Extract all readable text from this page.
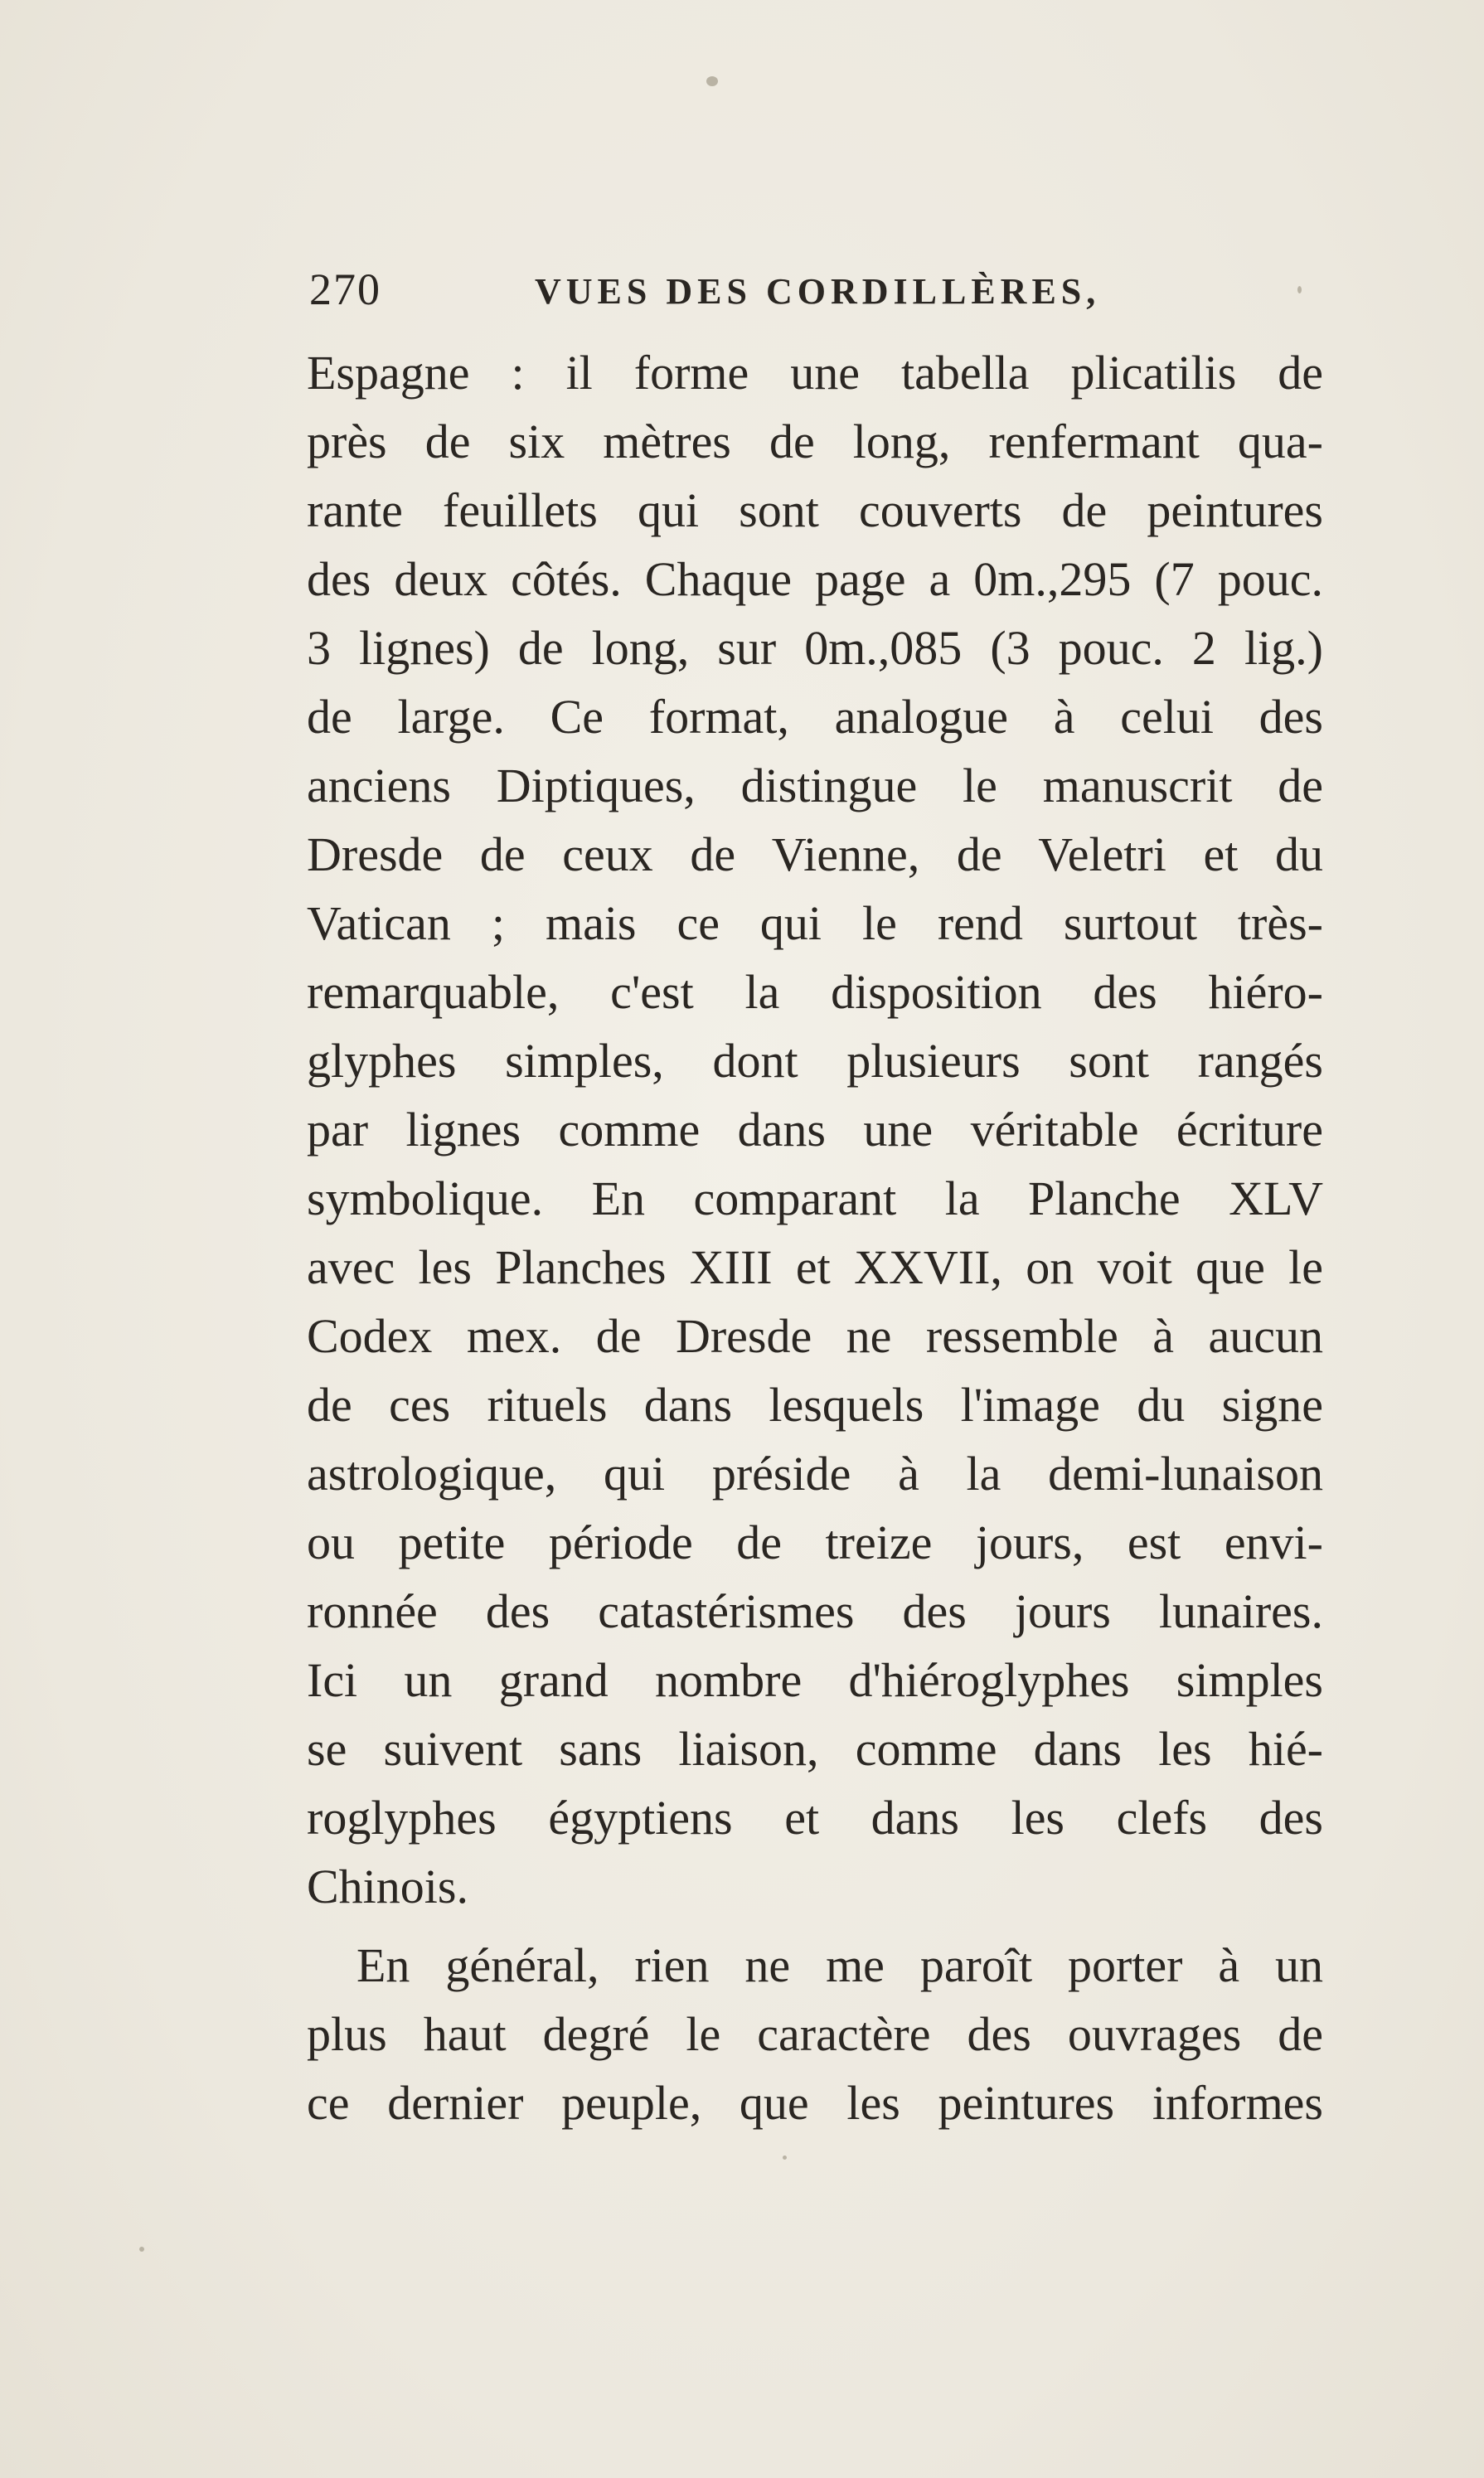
270	VUES DES CORDILLÈRES,
Espagne : il forme une tabella plicatilis de
près de six mètres de long, renfermant qua-
rante feuillets qui sont couverts de peintures
des deux côtés. Chaque page a 0m.,295 (7 pouc.
3 lignes) de long, sur 0m.,085 (3 pouc. 2 lig.)
de large. Ce format, analogue à celui des
anciens Diptiques, distingue le manuscrit de
Dresde de ceux de Vienne, de Veletri et du
Vatican ; mais ce qui le rend surtout très-
remarquable, c'est la disposition des hiéro-
glyphes simples, dont plusieurs sont rangés
par lignes comme dans une véritable écriture
symbolique. En comparant la Planche XLV
avec les Planches XIII et XXVII, on voit que le
Codex mex. de Dresde ne ressemble à aucun
de ces rituels dans lesquels l'image du signe
astrologique, qui préside à la demi-lunaison
ou petite période de treize jours, est envi-
ronnée des catastérismes des jours lunaires.
Ici un grand nombre d'hiéroglyphes simples
se suivent sans liaison, comme dans les hié-
roglyphes égyptiens et dans les clefs des
Chinois.
En général, rien ne me paroît porter à un
plus haut degré le caractère des ouvrages de
ce dernier peuple, que les peintures informes
